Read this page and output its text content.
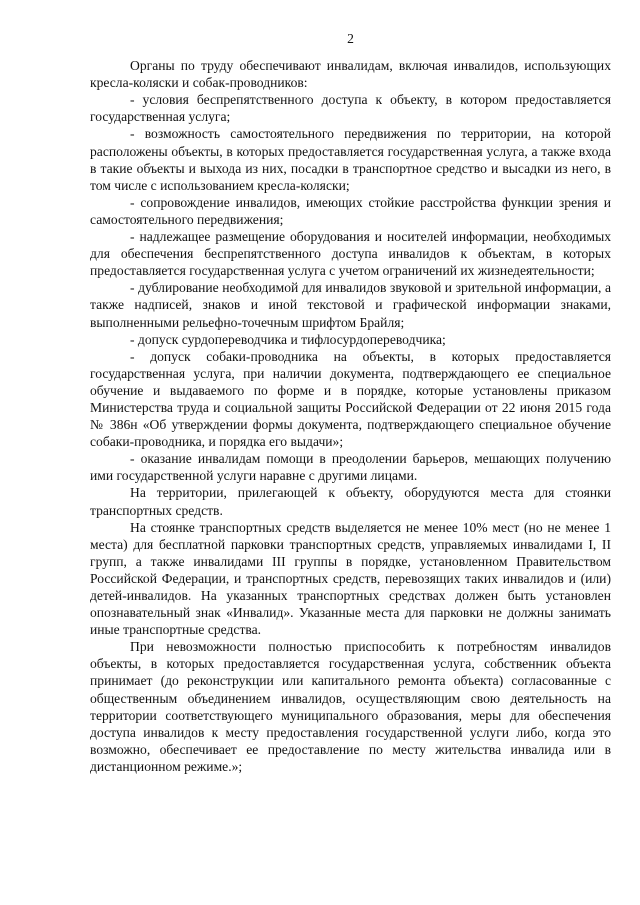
2

Органы по труду обеспечивают инвалидам, включая инвалидов, использующих кресла-коляски и собак-проводников:

- условия беспрепятственного доступа к объекту, в котором предоставляется государственная услуга;

- возможность самостоятельного передвижения по территории, на которой расположены объекты, в которых предоставляется государственная услуга, а также входа в такие объекты и выхода из них, посадки в транспортное средство и высадки из него, в том числе с использованием кресла-коляски;

- сопровождение инвалидов, имеющих стойкие расстройства функции зрения и самостоятельного передвижения;

- надлежащее размещение оборудования и носителей информации, необходимых для обеспечения беспрепятственного доступа инвалидов к объектам, в которых предоставляется государственная услуга с учетом ограничений их жизнедеятельности;

- дублирование необходимой для инвалидов звуковой и зрительной информации, а также надписей, знаков и иной текстовой и графической информации знаками, выполненными рельефно-точечным шрифтом Брайля;

- допуск сурдопереводчика и тифлосурдопереводчика;

- допуск собаки-проводника на объекты, в которых предоставляется государственная услуга, при наличии документа, подтверждающего ее специальное обучение и выдаваемого по форме и в порядке, которые установлены приказом Министерства труда и социальной защиты Российской Федерации от 22 июня 2015 года № 386н «Об утверждении формы документа, подтверждающего специальное обучение собаки-проводника, и порядка его выдачи»;

- оказание инвалидам помощи в преодолении барьеров, мешающих получению ими государственной услуги наравне с другими лицами.

На территории, прилегающей к объекту, оборудуются места для стоянки транспортных средств.

На стоянке транспортных средств выделяется не менее 10% мест (но не менее 1 места) для бесплатной парковки транспортных средств, управляемых инвалидами I, II групп, а также инвалидами III группы в порядке, установленном Правительством Российской Федерации, и транспортных средств, перевозящих таких инвалидов и (или) детей-инвалидов. На указанных транспортных средствах должен быть установлен опознавательный знак «Инвалид». Указанные места для парковки не должны занимать иные транспортные средства.

При невозможности полностью приспособить к потребностям инвалидов объекты, в которых предоставляется государственная услуга, собственник объекта принимает (до реконструкции или капитального ремонта объекта) согласованные с общественным объединением инвалидов, осуществляющим свою деятельность на территории соответствующего муниципального образования, меры для обеспечения доступа инвалидов к месту предоставления государственной услуги либо, когда это возможно, обеспечивает ее предоставление по месту жительства инвалида или в дистанционном режиме.»;
